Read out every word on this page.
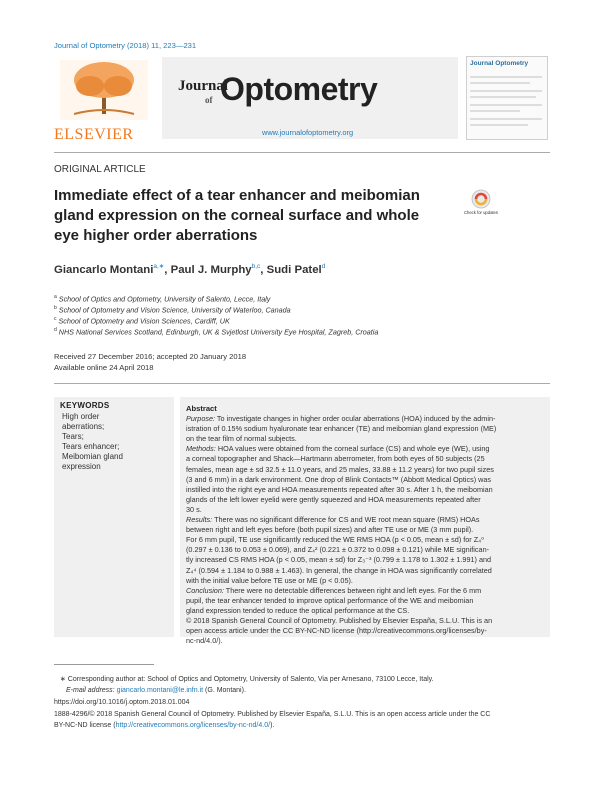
Journal of Optometry (2018) 11, 223—231
ELSEVIER
Journal
of Optometry
www.journalofoptometry.org
Journal Optometry
ORIGINAL ARTICLE
Immediate effect of a tear enhancer and meibomian gland expression on the corneal surface and whole eye higher order aberrations
Check for updates
Giancarlo Montani$^{a,∗}$, Paul J. Murphy$^{b,c}$, Sudi Patel$^d$
$^a$ School of Optics and Optometry, University of Salento, Lecce, Italy
$^b$ School of Optometry and Vision Science, University of Waterloo, Canada
$^c$ School of Optometry and Vision Sciences, Cardiff, UK
$^d$ NHS National Services Scotland, Edinburgh, UK & Svjetlost University Eye Hospital, Zagreb, Croatia
Received 27 December 2016; accepted 20 January 2018
Available online 24 April 2018
KEYWORDS
High order
aberrations;
Tears;
Tears enhancer;
Meibomian gland
expression
Abstract
Purpose: To investigate changes in higher order ocular aberrations (HOA) induced by the admin-
istration of 0.15% sodium hyaluronate tear enhancer (TE) and meibomian gland expression (ME)
on the tear film of normal subjects.
Methods: HOA values were obtained from the corneal surface (CS) and whole eye (WE), using
a corneal topographer and Shack—Hartmann aberrometer, from both eyes of 50 subjects (25
females, mean age ± sd 32.5 ± 11.0 years, and 25 males, 33.88 ± 11.2 years) for two pupil sizes
(3 and 6 mm) in a dark environment. One drop of Blink Contacts™ (Abbott Medical Optics) was
instilled into the right eye and HOA measurements repeated after 30 s. After 1 h, the meibomian
glands of the left lower eyelid were gently squeezed and HOA measurements repeated after
30 s.
Results: There was no significant difference for CS and WE root mean square (RMS) HOAs
between right and left eyes before (both pupil sizes) and after TE use or ME (3 mm pupil).
For 6 mm pupil, TE use significantly reduced the WE RMS HOA (p < 0.05, mean ± sd) for Z₄⁰
(0.297 ± 0.136 to 0.053 ± 0.069), and Z₄² (0.221 ± 0.372 to 0.098 ± 0.121) while ME significan-
tly increased CS RMS HOA (p < 0.05, mean ± sd) for Z₃⁻³ (0.799 ± 1.178 to 1.302 ± 1.991) and
Z₄⁴ (0.594 ± 1.184 to 0.988 ± 1.463). In general, the change in HOA was significantly correlated
with the initial value before TE use or ME (p < 0.05).
Conclusion: There were no detectable differences between right and left eyes. For the 6 mm
pupil, the tear enhancer tended to improve optical performance of the WE and meibomian
gland expression tended to reduce the optical performance at the CS.
© 2018 Spanish General Council of Optometry. Published by Elsevier España, S.L.U. This is an
open access article under the CC BY-NC-ND license (http://creativecommons.org/licenses/by-
nc-nd/4.0/).
∗ Corresponding author at: School of Optics and Optometry, University of Salento, Via per Arnesano, 73100 Lecce, Italy.
E-mail address: giancarlo.montani@le.infn.it (G. Montani).
https://doi.org/10.1016/j.optom.2018.01.004
1888-4296/© 2018 Spanish General Council of Optometry. Published by Elsevier España, S.L.U. This is an open access article under the CC
BY-NC-ND license (http://creativecommons.org/licenses/by-nc-nd/4.0/).
